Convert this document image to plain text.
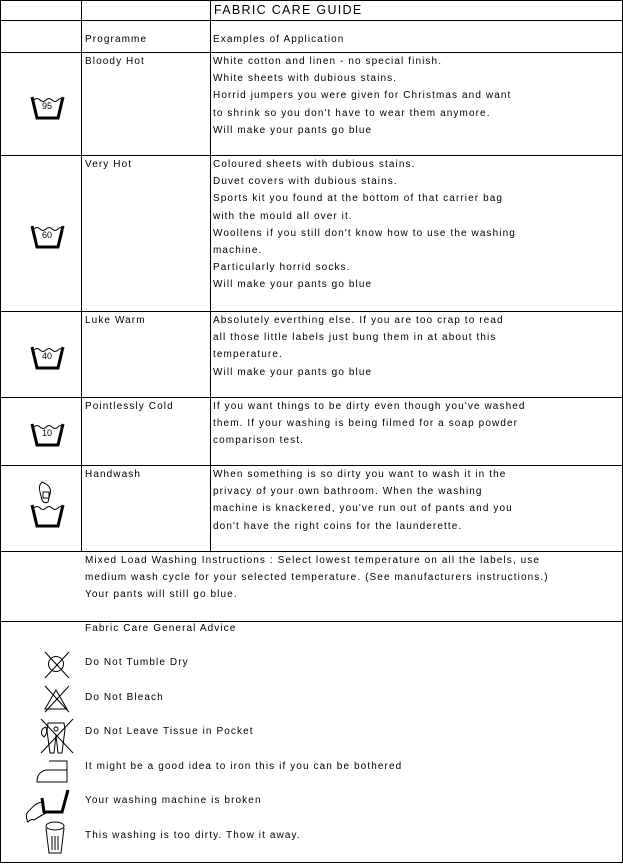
FABRIC CARE GUIDE
Programme	Examples of Application
Bloody Hot	White cotton and linen - no special finish.
White sheets with dubious stains.
Horrid jumpers you were given for Christmas and want
to shrink so you don't have to wear them anymore.
Will make your pants go blue
95
Very Hot	Coloured sheets with dubious stains.
Duvet covers with dubious stains.
Sports kit you found at the bottom of that carrier bag
with the mould all over it.
Woollens if you still don't know how to use the washing
machine.
Particularly horrid socks.
Will make your pants go blue
60
Luke Warm	Absolutely everthing else. If you are too crap to read
all those little labels just bung them in at about this
temperature.
Will make your pants go blue
40
Pointlessly Cold	If you want things to be dirty even though you've washed
them. If your washing is being filmed for a soap powder
comparison test.
10
Handwash	When something is so dirty you want to wash it in the
privacy of your own bathroom. When the washing
machine is knackered, you've run out of pants and you
don't have the right coins for the launderette.
Mixed Load Washing Instructions : Select lowest temperature on all the labels, use
medium wash cycle for your selected temperature. (See manufacturers instructions.)
Your pants will still go blue.
Fabric Care General Advice
Do Not Tumble Dry
Do Not Bleach
Do Not Leave Tissue in Pocket
It might be a good idea to iron this if you can be bothered
Your washing machine is broken
This washing is too dirty. Thow it away.
